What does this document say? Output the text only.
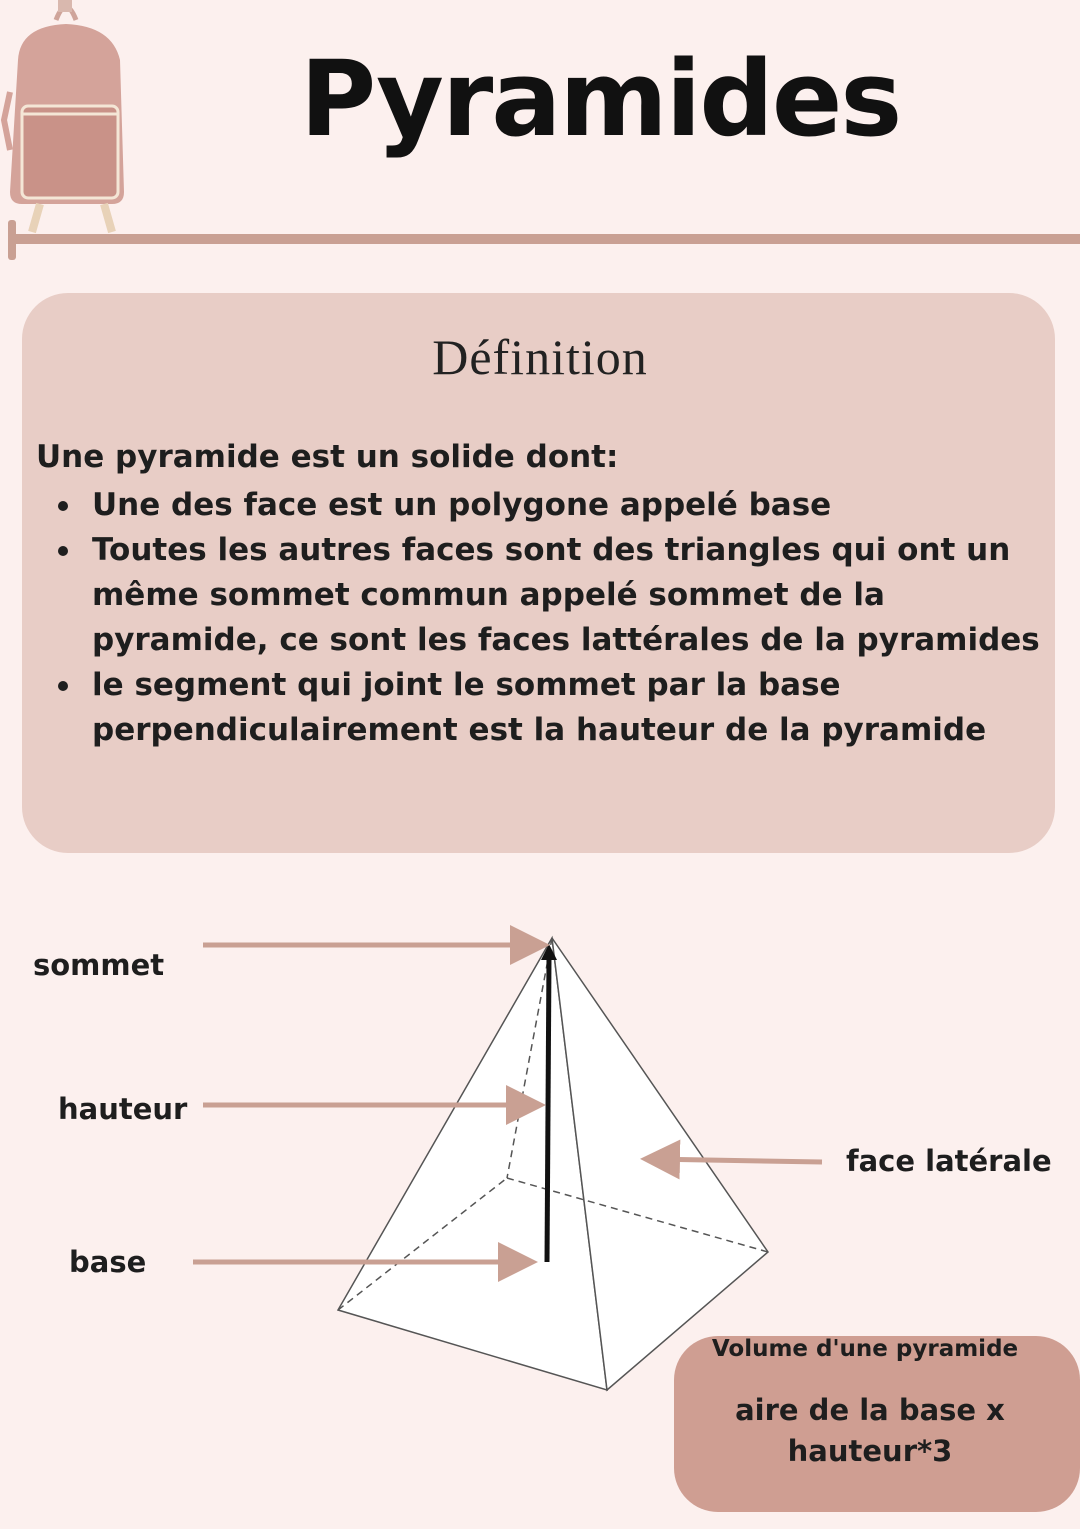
Pyramides
Définition
Une pyramide est un solide dont:
Une des face est un polygone appelé base
Toutes les autres faces sont des triangles qui ont un même sommet commun appelé sommet de la pyramide, ce sont les faces lattérales de la pyramides
le segment qui joint le sommet par la base perpendiculairement est la hauteur de la pyramide
sommet
hauteur
base
face latérale
Volume d'une pyramide
aire de la base x hauteur*3
